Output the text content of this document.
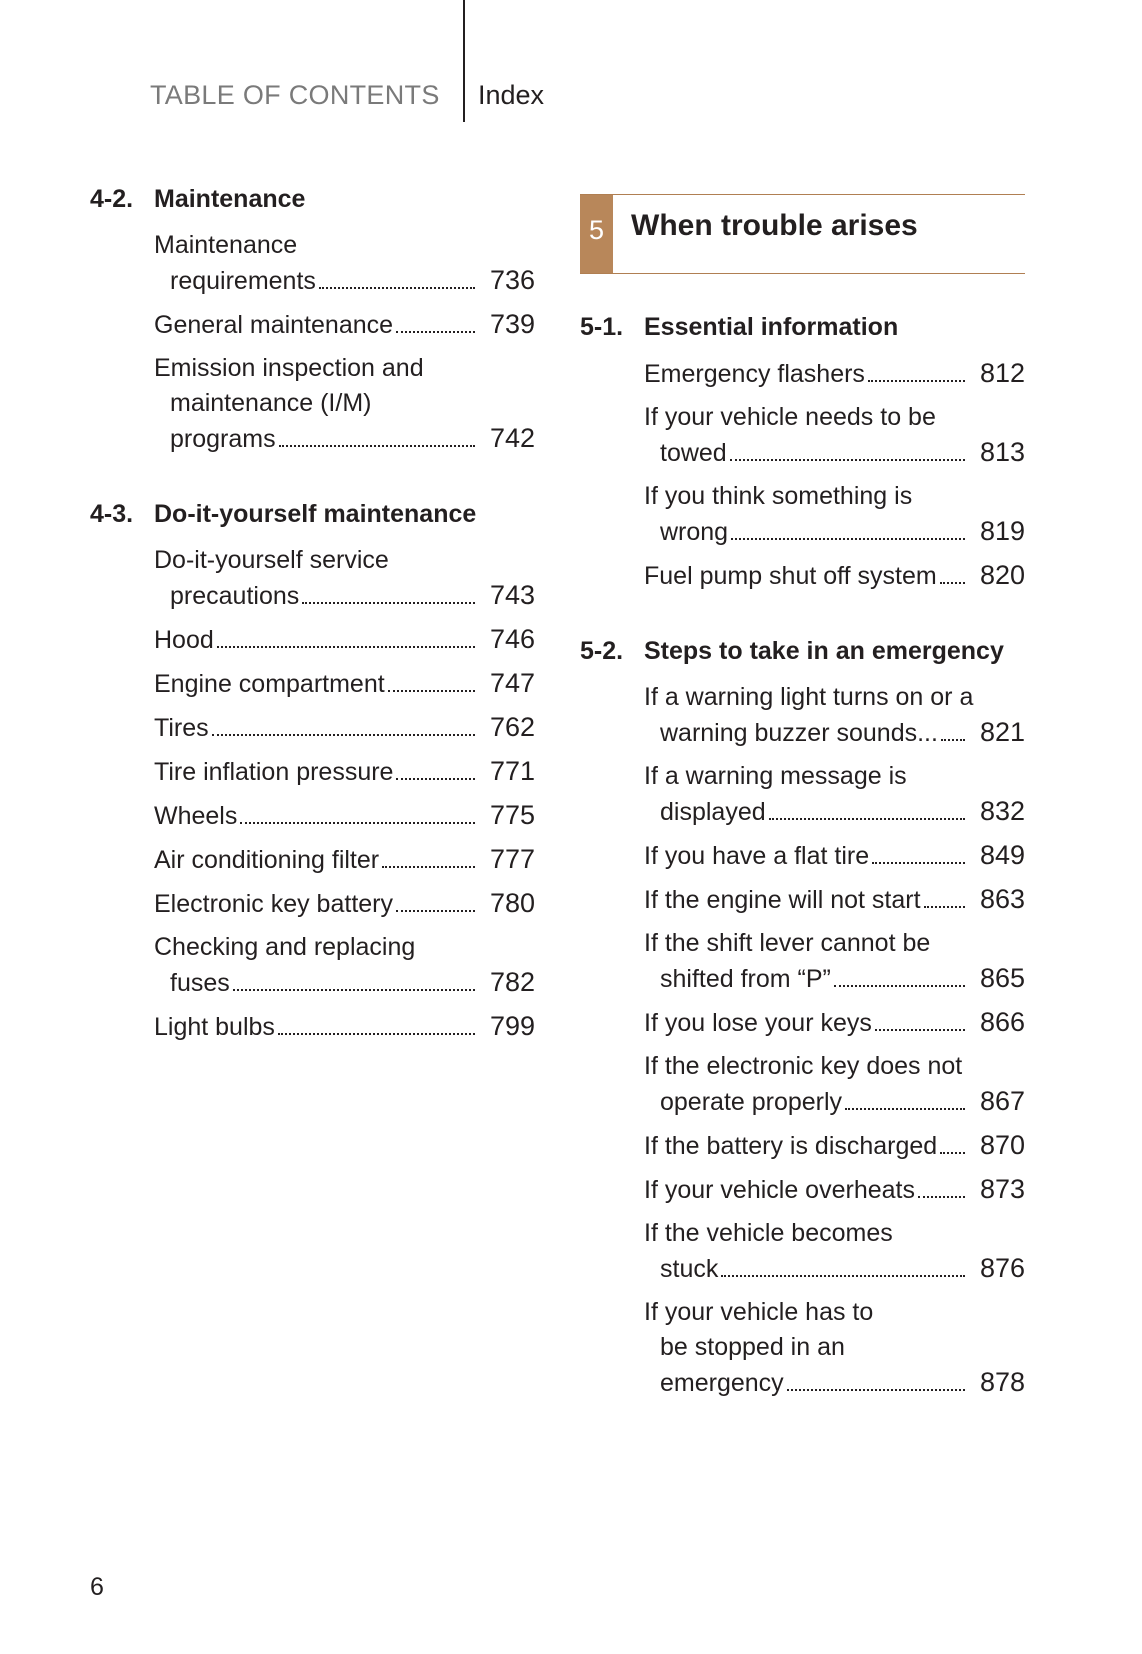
TABLE OF CONTENTS Index
4-2. Maintenance
Maintenance
requirements	736
General maintenance	739
Emission inspection and
maintenance (I/M)
programs	742
4-3. Do-it-yourself maintenance
Do-it-yourself service
precautions	743
Hood	746
Engine compartment	747
Tires	762
Tire inflation pressure	771
Wheels	775
Air conditioning filter	777
Electronic key battery	780
Checking and replacing
fuses	782
Light bulbs	799
5 When trouble arises
5-1. Essential information
Emergency flashers	812
If your vehicle needs to be
towed	813
If you think something is
wrong	819
Fuel pump shut off system 820
5-2. Steps to take in an emergency
If a warning light turns on or a
warning buzzer sounds... 821
If a warning message is
displayed	832
If you have a flat tire	849
If the engine will not start 863
If the shift lever cannot be
shifted from “P”	865
If you lose your keys	866
If the electronic key does not
operate properly	867
If the battery is discharged 870
If your vehicle overheats 873
If the vehicle becomes
stuck	876
If your vehicle has to
be stopped in an
emergency	878
6
